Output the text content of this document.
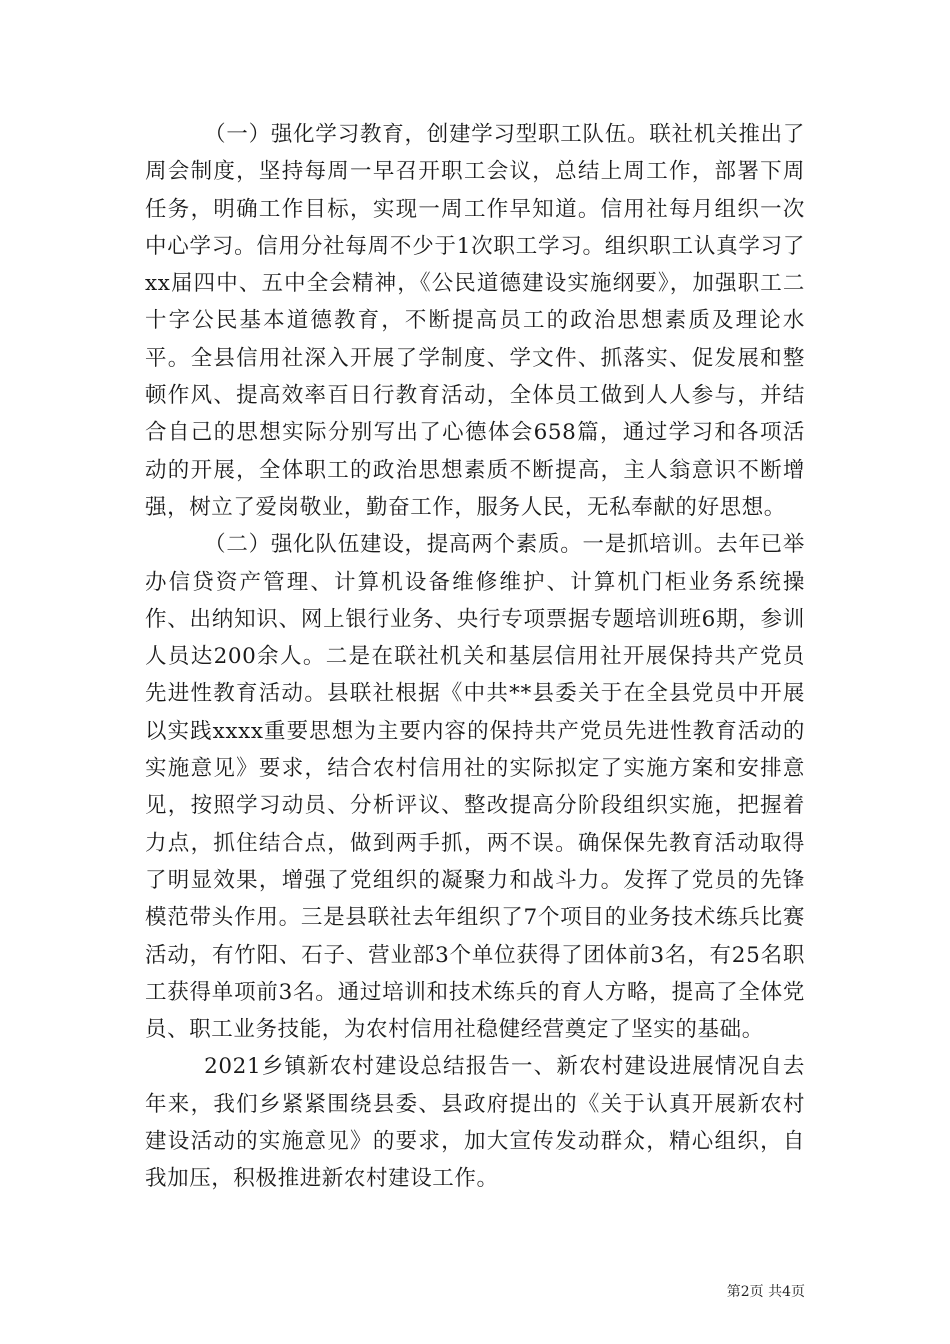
（一）强化学习教育，创建学习型职工队伍。联社机关推出了周会制度，坚持每周一早召开职工会议，总结上周工作，部署下周任务，明确工作目标，实现一周工作早知道。信用社每月组织一次中心学习。信用分社每周不少于1次职工学习。组织职工认真学习了xx届四中、五中全会精神，《公民道德建设实施纲要》，加强职工二十字公民基本道德教育，不断提高员工的政治思想素质及理论水平。全县信用社深入开展了学制度、学文件、抓落实、促发展和整顿作风、提高效率百日行教育活动，全体员工做到人人参与，并结合自己的思想实际分别写出了心德体会658篇，通过学习和各项活动的开展，全体职工的政治思想素质不断提高，主人翁意识不断增强，树立了爱岗敬业，勤奋工作，服务人民，无私奉献的好思想。

（二）强化队伍建设，提高两个素质。一是抓培训。去年已举办信贷资产管理、计算机设备维修维护、计算机门柜业务系统操作、出纳知识、网上银行业务、央行专项票据专题培训班6期，参训人员达200余人。二是在联社机关和基层信用社开展保持共产党员先进性教育活动。县联社根据《中共**县委关于在全县党员中开展以实践xxxx重要思想为主要内容的保持共产党员先进性教育活动的实施意见》要求，结合农村信用社的实际拟定了实施方案和安排意见，按照学习动员、分析评议、整改提高分阶段组织实施，把握着力点，抓住结合点，做到两手抓，两不误。确保保先教育活动取得了明显效果，增强了党组织的凝聚力和战斗力。发挥了党员的先锋模范带头作用。三是县联社去年组织了7个项目的业务技术练兵比赛活动，有竹阳、石子、营业部3个单位获得了团体前3名，有25名职工获得单项前3名。通过培训和技术练兵的育人方略，提高了全体党员、职工业务技能，为农村信用社稳健经营奠定了坚实的基础。

2021乡镇新农村建设总结报告一、新农村建设进展情况自去年来，我们乡紧紧围绕县委、县政府提出的《关于认真开展新农村建设活动的实施意见》的要求，加大宣传发动群众，精心组织，自我加压，积极推进新农村建设工作。

第2页 共4页
